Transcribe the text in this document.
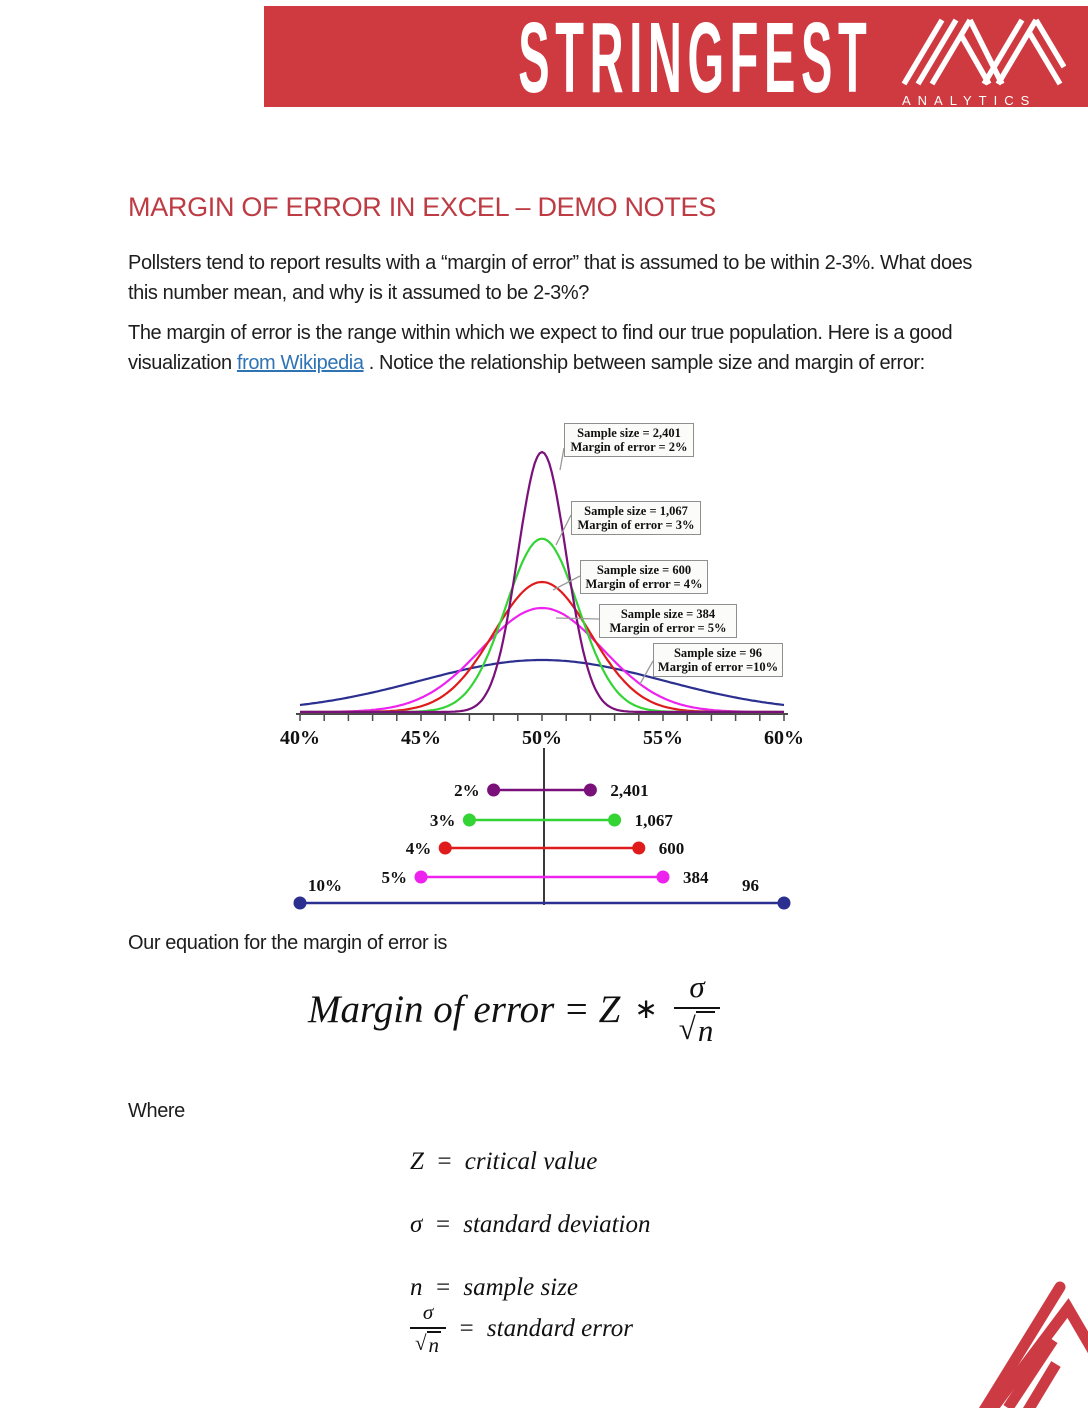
STRINGFEST ANALYTICS
MARGIN OF ERROR IN EXCEL – DEMO NOTES

Pollsters tend to report results with a “margin of error” that is assumed to be within 2-3%. What does this number mean, and why is it assumed to be 2-3%?

The margin of error is the range within which we expect to find our true population. Here is a good visualization from Wikipedia . Notice the relationship between sample size and margin of error:

40%	45%	50%	55%	60%
2%	2,401
3%	1,067
4%	600
5%	384
10%	96
Sample size = 2,401
Margin of error = 2%
Sample size = 1,067
Margin of error = 3%
Sample size = 600
Margin of error = 4%
Sample size = 384
Margin of error = 5%
Sample size = 96
Margin of error =10%

Our equation for the margin of error is

Margin of error = Z ∗ $\frac{\sigma}{√ n}$

Where

Z = critical value
σ = standard deviation
n = sample size
$\frac{\sigma}{√ n}$ = standard error
